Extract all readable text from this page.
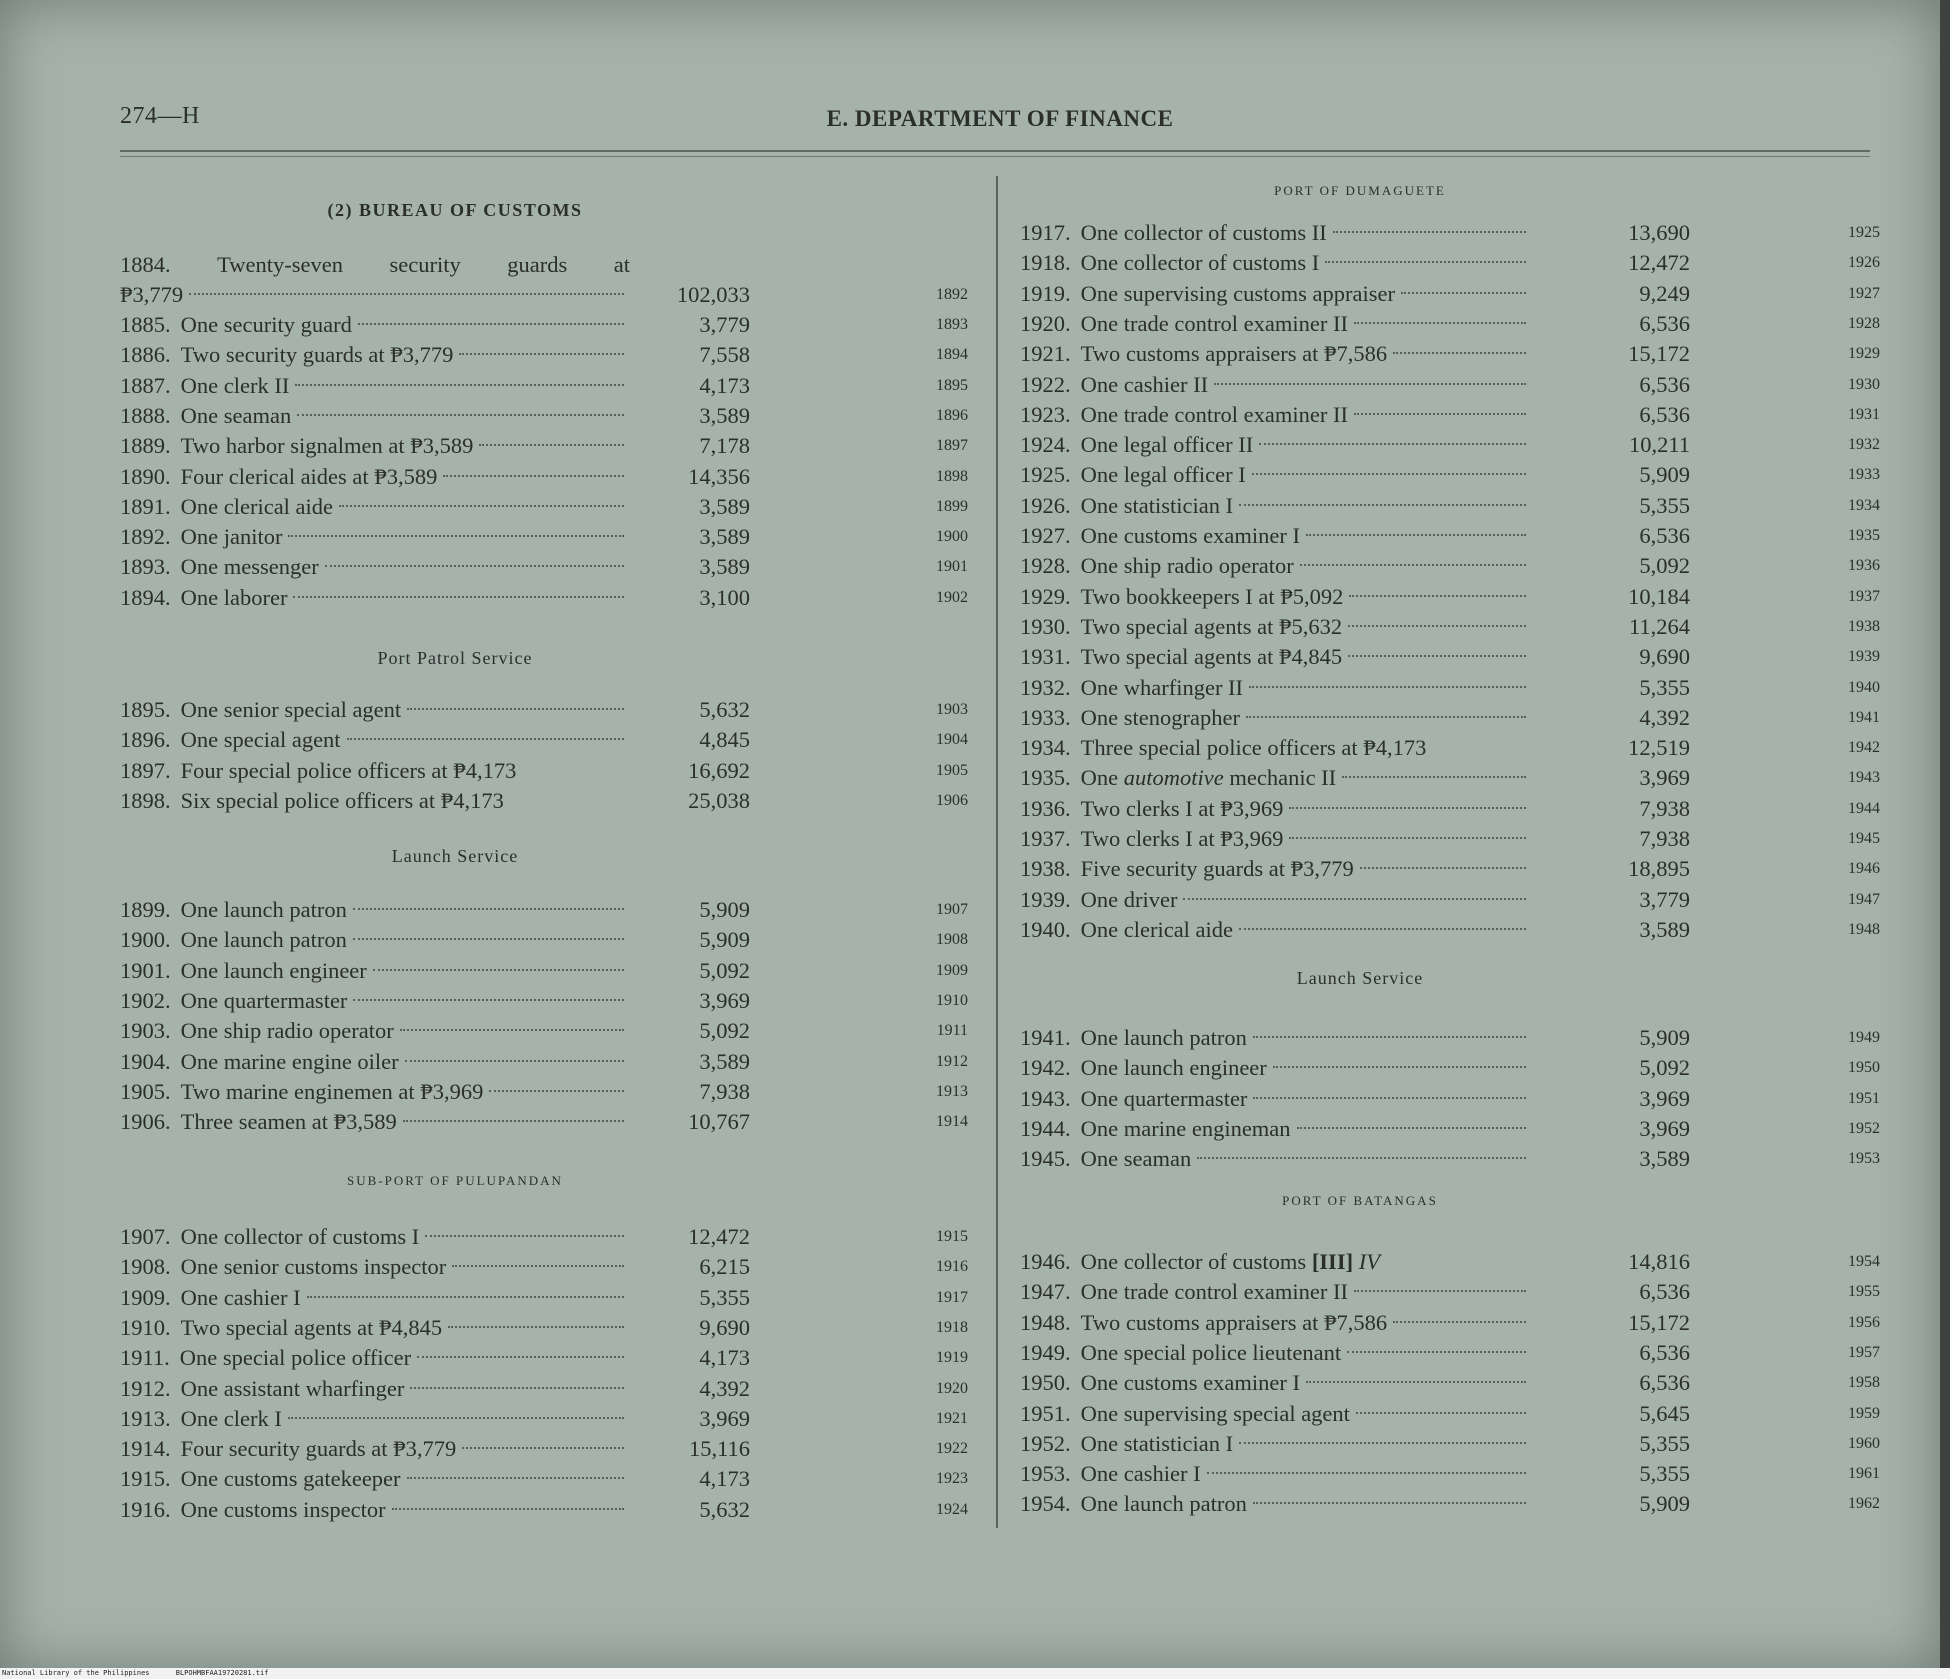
274—H	E. DEPARTMENT OF FINANCE
(2) BUREAU OF CUSTOMS
1884. Twenty-seven security guards at
₱3,779	102,033	1892
1885. One security guard	3,779	1893
1886. Two security guards at ₱3,779	7,558	1894
1887. One clerk II	4,173	1895
1888. One seaman	3,589	1896
1889. Two harbor signalmen at ₱3,589	7,178	1897
1890. Four clerical aides at ₱3,589	14,356	1898
1891. One clerical aide	3,589	1899
1892. One janitor	3,589	1900
1893. One messenger	3,589	1901
1894. One laborer	3,100	1902
Port Patrol Service
1895. One senior special agent	5,632	1903
1896. One special agent	4,845	1904
1897. Four special police officers at ₱4,173	16,692	1905
1898. Six special police officers at ₱4,173	25,038	1906
Launch Service
1899. One launch patron	5,909	1907
1900. One launch patron	5,909	1908
1901. One launch engineer	5,092	1909
1902. One quartermaster	3,969	1910
1903. One ship radio operator	5,092	1911
1904. One marine engine oiler	3,589	1912
1905. Two marine enginemen at ₱3,969	7,938	1913
1906. Three seamen at ₱3,589	10,767	1914
SUB-PORT OF PULUPANDAN
1907. One collector of customs I	12,472	1915
1908. One senior customs inspector	6,215	1916
1909. One cashier I	5,355	1917
1910. Two special agents at ₱4,845	9,690	1918
1911. One special police officer	4,173	1919
1912. One assistant wharfinger	4,392	1920
1913. One clerk I	3,969	1921
1914. Four security guards at ₱3,779	15,116	1922
1915. One customs gatekeeper	4,173	1923
1916. One customs inspector	5,632	1924
PORT OF DUMAGUETE
1917. One collector of customs II	13,690	1925
1918. One collector of customs I	12,472	1926
1919. One supervising customs appraiser	9,249	1927
1920. One trade control examiner II	6,536	1928
1921. Two customs appraisers at ₱7,586	15,172	1929
1922. One cashier II	6,536	1930
1923. One trade control examiner II	6,536	1931
1924. One legal officer II	10,211	1932
1925. One legal officer I	5,909	1933
1926. One statistician I	5,355	1934
1927. One customs examiner I	6,536	1935
1928. One ship radio operator	5,092	1936
1929. Two bookkeepers I at ₱5,092	10,184	1937
1930. Two special agents at ₱5,632	11,264	1938
1931. Two special agents at ₱4,845	9,690	1939
1932. One wharfinger II	5,355	1940
1933. One stenographer	4,392	1941
1934. Three special police officers at ₱4,173	12,519	1942
1935. One automotive mechanic II	3,969	1943
1936. Two clerks I at ₱3,969	7,938	1944
1937. Two clerks I at ₱3,969	7,938	1945
1938. Five security guards at ₱3,779	18,895	1946
1939. One driver	3,779	1947
1940. One clerical aide	3,589	1948
Launch Service
1941. One launch patron	5,909	1949
1942. One launch engineer	5,092	1950
1943. One quartermaster	3,969	1951
1944. One marine engineman	3,969	1952
1945. One seaman	3,589	1953
PORT OF BATANGAS
1946. One collector of customs [III] IV	14,816	1954
1947. One trade control examiner II	6,536	1955
1948. Two customs appraisers at ₱7,586	15,172	1956
1949. One special police lieutenant	6,536	1957
1950. One customs examiner I	6,536	1958
1951. One supervising special agent	5,645	1959
1952. One statistician I	5,355	1960
1953. One cashier I	5,355	1961
1954. One launch patron	5,909	1962
National Library of the Philippines	BLPOHMBFAA19720281.tif
